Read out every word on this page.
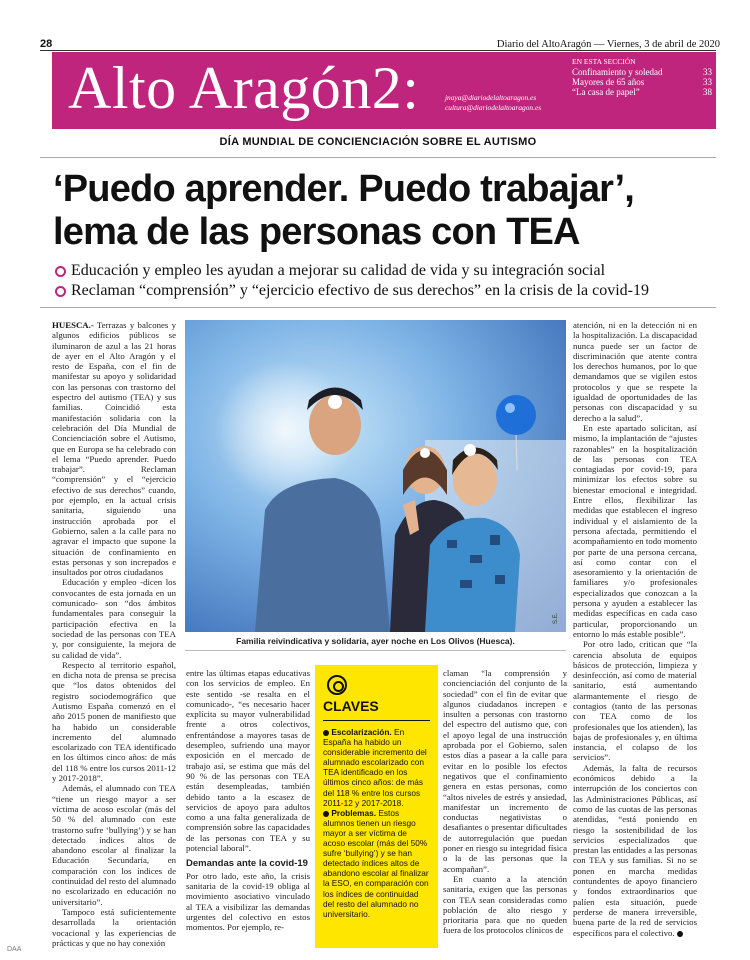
28	Diario del AltoAragón — Viernes, 3 de abril de 2020
Alto Aragón2:	jnaya@diariodelaltoaragon.es
cultura@diariodelaltoaragon.es
EN ESTA SECCIÓN
Confinamiento y soledad	33
Mayores de 65 años	33
“La casa de papel”	38
DÍA MUNDIAL DE CONCIENCIACIÓN SOBRE EL AUTISMO
‘Puedo aprender. Puedo trabajar’,
lema de las personas con TEA
Educación y empleo les ayudan a mejorar su calidad de vida y su integración social
Reclaman “comprensión” y “ejercicio efectivo de sus derechos” en la crisis de la covid-19

HUESCA.- Terrazas y balcones y algunos edificios públicos se iluminaron de azul a las 21 horas de ayer en el Alto Aragón y el resto de España, con el fin de manifestar su apoyo y solidaridad con las personas con trastorno del espectro del autismo (TEA) y sus familias. Coincidió esta manifestación solidaria con la celebración del Día Mundial de Concienciación sobre el Autismo, que en Europa se ha celebrado con el lema “Puedo aprender. Puedo trabajar”. Reclaman “comprensión” y el “ejercicio efectivo de sus derechos” cuando, por ejemplo, en la actual crisis sanitaria, siguiendo una instrucción aprobada por el Gobierno, salen a la calle para no agravar el impacto que supone la situación de confinamiento en estas personas y son increpados e insultados por otros ciudadanos

Educación y empleo -dicen los convocantes de esta jornada en un comunicado- son “dos ámbitos fundamentales para conseguir la participación efectiva en la sociedad de las personas con TEA y, por consiguiente, la mejora de su calidad de vida”.

Respecto al territorio español, en dicha nota de prensa se precisa que “los datos obtenidos del registro sociodemográfico que Autismo España comenzó en el año 2015 ponen de manifiesto que ha habido un considerable incremento del alumnado escolarizado con TEA identificado en los últimos cinco años: de más del 118 % entre los cursos 2011-12 y 2017-2018”.

Además, el alumnado con TEA “tiene un riesgo mayor a ser víctima de acoso escolar (más del 50 % del alumnado con este trastorno sufre ‘bullying’) y se han detectado índices altos de abandono escolar al finalizar la Educación Secundaria, en comparación con los índices de continuidad del resto del alumnado no escolarizado en educación no universitario”.

Tampoco está suficientemente desarrollada la orientación vocacional y las experiencias de prácticas y que no hay conexión

S.E.
Familia reivindicativa y solidaria, ayer noche en Los Olivos (Huesca).

entre las últimas etapas educativas con los servicios de empleo. En este sentido -se resalta en el comunicado-, “es necesario hacer explícita su mayor vulnerabilidad frente a otros colectivos, enfrentándose a mayores tasas de desempleo, sufriendo una mayor exposición en el mercado de trabajo así, se estima que más del 90 % de las personas con TEA están desempleadas, también debido tanto a la escasez de servicios de apoyo para adultos como a una falta generalizada de comprensión sobre las capacidades de las personas con TEA y su potencial laboral”.

Demandas ante la covid-19

Por otro lado, este año, la crisis sanitaria de la covid-19 obliga al movimiento asociativo vinculado al TEA a visibilizar las demandas urgentes del colectivo en estos momentos. Por ejemplo, re-

CLAVES
Escolarización. En España ha habido un considerable incremento del alumnado escolarizado con TEA identificado en los últimos cinco años: de más del 118 % entre los cursos 2011-12 y 2017-2018.
Problemas. Estos alumnos tienen un riesgo mayor a ser víctima de acoso escolar (más del 50% sufre ‘bullying’) y se han detectado índices altos de abandono escolar al finalizar la ESO, en comparación con los índices de continuidad del resto del alumnado no universitario.

claman “la comprensión y concienciación del conjunto de la sociedad” con el fin de evitar que algunos ciudadanos increpen e insulten a personas con trastorno del espectro del autismo que, con el apoyo legal de una instrucción aprobada por el Gobierno, salen estos días a pasear a la calle para evitar en lo posible los efectos negativos que el confinamiento genera en estas personas, como “altos niveles de estrés y ansiedad, manifestar un incremento de conductas negativistas o desafiantes o presentar dificultades de autorregulación que puedan poner en riesgo su integridad física o la de las personas que la acompañan”.

En cuanto a la atención sanitaria, exigen que las personas con TEA sean consideradas como población de alto riesgo y prioritaria para que no queden fuera de los protocolos clínicos de

atención, ni en la detección ni en la hospitalización. La discapacidad nunca puede ser un factor de discriminación que atente contra los derechos humanos, por lo que demandamos que se vigilen estos protocolos y que se respete la igualdad de oportunidades de las personas con discapacidad y su derecho a la salud”.

En este apartado solicitan, así mismo, la implantación de “ajustes razonables” en la hospitalización de las personas con TEA contagiadas por covid-19, para minimizar los efectos sobre su bienestar emocional e integridad. Entre ellos, flexibilizar las medidas que establecen el ingreso individual y el aislamiento de la persona afectada, permitiendo el acompañamiento en todo momento por parte de una persona cercana, así como contar con el asesoramiento y la orientación de familiares y/o profesionales especializados que conozcan a la persona y ayuden a establecer las medidas específicas en cada caso particular, proporcionando un entorno lo más estable posible”.

Por otro lado, critican que “la carencia absoluta de equipos básicos de protección, limpieza y desinfección, así como de material sanitario, está aumentando alarmantemente el riesgo de contagios (tanto de las personas con TEA como de los profesionales que los atienden), las bajas de profesionales y, en última instancia, el colapso de los servicios”.

Además, la falta de recursos económicos debido a la interrupción de los conciertos con las Administraciones Públicas, así como de las cuotas de las personas atendidas, “está poniendo en riesgo la sostenibilidad de los servicios especializados que prestan las entidades a las personas con TEA y sus familias. Si no se ponen en marcha medidas contundentes de apoyo financiero y fondos extraordinarios que palíen esta situación, puede perderse de manera irreversible, buena parte de la red de servicios específicos para el colectivo.

DAA
